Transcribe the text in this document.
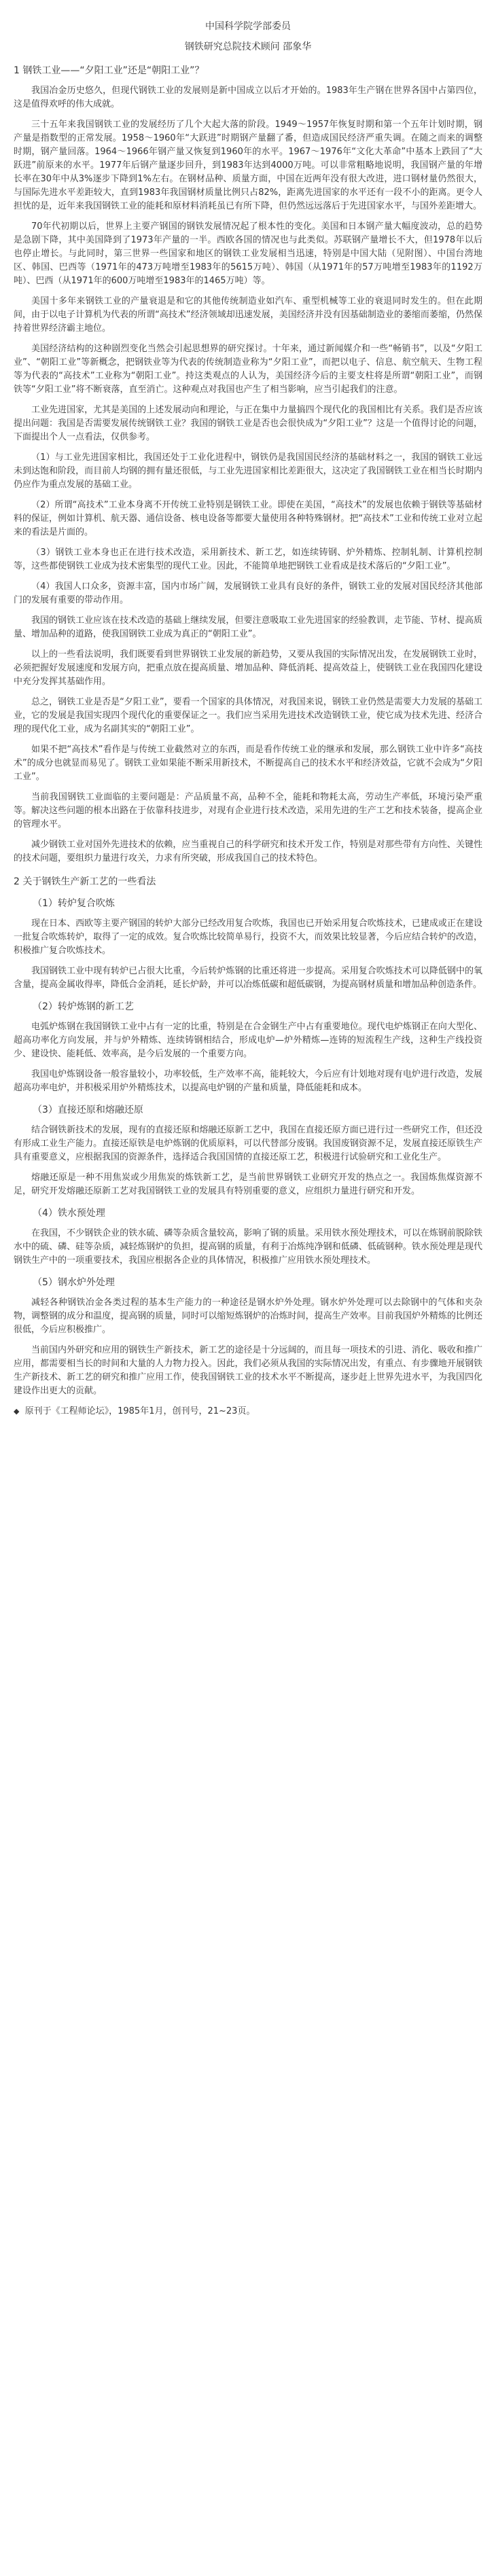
中国科学院学部委员
钢铁研究总院技术顾问 邵象华
1 钢铁工业——“夕阳工业”还是“朝阳工业”？

我国冶金历史悠久，但现代钢铁工业的发展则是新中国成立以后才开始的。1983年生产钢在世界各国中占第四位，这是值得欢呼的伟大成就。

三十五年来我国钢铁工业的发展经历了几个大起大落的阶段。1949～1957年恢复时期和第一个五年计划时期，钢产量是指数型的正常发展。1958～1960年“大跃进”时期钢产量翻了番，但造成国民经济严重失调。在随之而来的调整时期，钢产量回落。1964～1966年钢产量又恢复到1960年的水平。1967～1976年“文化大革命”中基本上跌回了“大跃进”前原来的水平。1977年后钢产量逐步回升，到1983年达到4000万吨。可以非常粗略地说明，我国钢产量的年增长率在30年中从3%逐步下降到1%左右。在钢材品种、质量方面，中国在近两年没有很大改进，进口钢材量仍然很大，与国际先进水平差距较大，直到1983年我国钢材质量比例只占82%，距离先进国家的水平还有一段不小的距离。更令人担忧的是，近年来我国钢铁工业的能耗和原材料消耗虽已有所下降，但仍然远远落后于先进国家水平，与国外差距增大。

70年代初期以后，世界上主要产钢国的钢铁发展情况起了根本性的变化。美国和日本钢产量大幅度波动，总的趋势是急剧下降，其中美国降到了1973年产量的一半。西欧各国的情况也与此类似。苏联钢产量增长不大，但1978年以后也停止增长。与此同时，第三世界一些国家和地区的钢铁工业发展相当迅速，特别是中国大陆（见附图）、中国台湾地区、韩国、巴西等（1971年的473万吨增至1983年的5615万吨）、韩国（从1971年的57万吨增至1983年的1192万吨）、巴西（从1971年的600万吨增至1983年的1465万吨）等。

美国十多年来钢铁工业的产量衰退是和它的其他传统制造业如汽车、重型机械等工业的衰退同时发生的。但在此期间，由于以电子计算机为代表的所谓“高技术”经济领域却迅速发展，美国经济并没有因基础制造业的萎缩而萎缩，仍然保持着世界经济霸主地位。

美国经济结构的这种剧烈变化当然会引起思想界的研究探讨。十年来，通过新闻媒介和一些“畅销书”，以及“夕阳工业”、“朝阳工业”等新概念，把钢铁业等为代表的传统制造业称为“夕阳工业”，而把以电子、信息、航空航天、生物工程等为代表的“高技术”工业称为“朝阳工业”。持这类观点的人认为，美国经济今后的主要支柱将是所谓“朝阳工业”，而钢铁等“夕阳工业”将不断衰落，直至消亡。这种观点对我国也产生了相当影响，应当引起我们的注意。

工业先进国家，尤其是美国的上述发展动向和理论，与正在集中力量搞四个现代化的我国相比有关系。我们是否应该提出问题：我国是否需要发展传统钢铁工业？我国的钢铁工业是否也会很快成为“夕阳工业”？这是一个值得讨论的问题，下面提出个人一点看法，仅供参考。

（1）与工业先进国家相比，我国还处于工业化进程中，钢铁仍是我国国民经济的基础材料之一，我国的钢铁工业远未到达饱和阶段，而目前人均钢的拥有量还很低，与工业先进国家相比差距很大，这决定了我国钢铁工业在相当长时期内仍应作为重点发展的基础工业。

（2）所谓“高技术”工业本身离不开传统工业特别是钢铁工业。即使在美国，“高技术”的发展也依赖于钢铁等基础材料的保证，例如计算机、航天器、通信设备、核电设备等都要大量使用各种特殊钢材。把“高技术”工业和传统工业对立起来的看法是片面的。

（3）钢铁工业本身也正在进行技术改造，采用新技术、新工艺，如连续铸钢、炉外精炼、控制轧制、计算机控制等，这些都使钢铁工业成为技术密集型的现代工业。因此，不能简单地把钢铁工业看成是技术落后的“夕阳工业”。

（4）我国人口众多，资源丰富，国内市场广阔，发展钢铁工业具有良好的条件，钢铁工业的发展对国民经济其他部门的发展有重要的带动作用。

我国的钢铁工业应该在技术改造的基础上继续发展，但要注意吸取工业先进国家的经验教训，走节能、节材、提高质量、增加品种的道路，使我国钢铁工业成为真正的“朝阳工业”。

以上的一些看法说明，我们既要看到世界钢铁工业发展的新趋势，又要从我国的实际情况出发，在发展钢铁工业时，必须把握好发展速度和发展方向，把重点放在提高质量、增加品种、降低消耗、提高效益上，使钢铁工业在我国四化建设中充分发挥其基础作用。

总之，钢铁工业是否是“夕阳工业”，要看一个国家的具体情况，对我国来说，钢铁工业仍然是需要大力发展的基础工业，它的发展是我国实现四个现代化的重要保证之一。我们应当采用先进技术改造钢铁工业，使它成为技术先进、经济合理的现代化工业，成为名副其实的“朝阳工业”。

如果不把“高技术”看作是与传统工业截然对立的东西，而是看作传统工业的继承和发展，那么钢铁工业中许多“高技术”的成分也就显而易见了。钢铁工业如果能不断采用新技术，不断提高自己的技术水平和经济效益，它就不会成为“夕阳工业”。

当前我国钢铁工业面临的主要问题是：产品质量不高，品种不全，能耗和物耗太高，劳动生产率低，环境污染严重等。解决这些问题的根本出路在于依靠科技进步，对现有企业进行技术改造，采用先进的生产工艺和技术装备，提高企业的管理水平。

减少钢铁工业对国外先进技术的依赖，应当重视自己的科学研究和技术开发工作，特别是对那些带有方向性、关键性的技术问题，要组织力量进行攻关，力求有所突破，形成我国自己的技术特色。

2 关于钢铁生产新工艺的一些看法
（1）转炉复合吹炼

现在日本、西欧等主要产钢国的转炉大部分已经改用复合吹炼，我国也已开始采用复合吹炼技术，已建成或正在建设一批复合吹炼转炉，取得了一定的成效。复合吹炼比较简单易行，投资不大，而效果比较显著，今后应结合转炉的改造，积极推广复合吹炼技术。

我国钢铁工业中现有转炉已占很大比重，今后转炉炼钢的比重还将进一步提高。采用复合吹炼技术可以降低钢中的氧含量，提高金属收得率，降低合金消耗，延长炉龄，并可以冶炼低碳和超低碳钢，为提高钢材质量和增加品种创造条件。

（2）转炉炼钢的新工艺

电弧炉炼钢在我国钢铁工业中占有一定的比重，特别是在合金钢生产中占有重要地位。现代电炉炼钢正在向大型化、超高功率化方向发展，并与炉外精炼、连续铸钢相结合，形成电炉—炉外精炼—连铸的短流程生产线，这种生产线投资少、建设快、能耗低、效率高，是今后发展的一个重要方向。

我国电炉炼钢设备一般容量较小，功率较低，生产效率不高，能耗较大，今后应有计划地对现有电炉进行改造，发展超高功率电炉，并积极采用炉外精炼技术，以提高电炉钢的产量和质量，降低能耗和成本。

（3）直接还原和熔融还原

结合钢铁新技术的发展，现有的直接还原和熔融还原新工艺中，我国在直接还原方面已进行过一些研究工作，但还没有形成工业生产能力。直接还原铁是电炉炼钢的优质原料，可以代替部分废钢。我国废钢资源不足，发展直接还原铁生产具有重要意义，应根据我国的资源条件，选择适合我国国情的直接还原工艺，积极进行试验研究和工业化生产。

熔融还原是一种不用焦炭或少用焦炭的炼铁新工艺，是当前世界钢铁工业研究开发的热点之一。我国炼焦煤资源不足，研究开发熔融还原新工艺对我国钢铁工业的发展具有特别重要的意义，应组织力量进行研究和开发。

（4）铁水预处理

在我国，不少钢铁企业的铁水硫、磷等杂质含量较高，影响了钢的质量。采用铁水预处理技术，可以在炼钢前脱除铁水中的硫、磷、硅等杂质，减轻炼钢炉的负担，提高钢的质量，有利于冶炼纯净钢和低磷、低硫钢种。铁水预处理是现代钢铁生产中的一项重要技术，我国应根据各企业的具体情况，积极推广应用铁水预处理技术。

（5）钢水炉外处理

减轻各种钢铁冶金各类过程的基本生产能力的一种途径是钢水炉外处理。钢水炉外处理可以去除钢中的气体和夹杂物，调整钢的成分和温度，提高钢的质量，同时可以缩短炼钢炉的冶炼时间，提高生产效率。目前我国炉外精炼的比例还很低，今后应积极推广。

当前国内外研究和应用的钢铁生产新技术，新工艺的途径是十分远阔的，而且每一项技术的引进、消化、吸收和推广应用，都需要相当长的时间和大量的人力物力投入。因此，我们必须从我国的实际情况出发，有重点、有步骤地开展钢铁生产新技术、新工艺的研究和推广应用工作，使我国钢铁工业的技术水平不断提高，逐步赶上世界先进水平，为我国四化建设作出更大的贡献。

◆ 原刊于《工程师论坛》，1985年1月，创刊号，21~23页。
